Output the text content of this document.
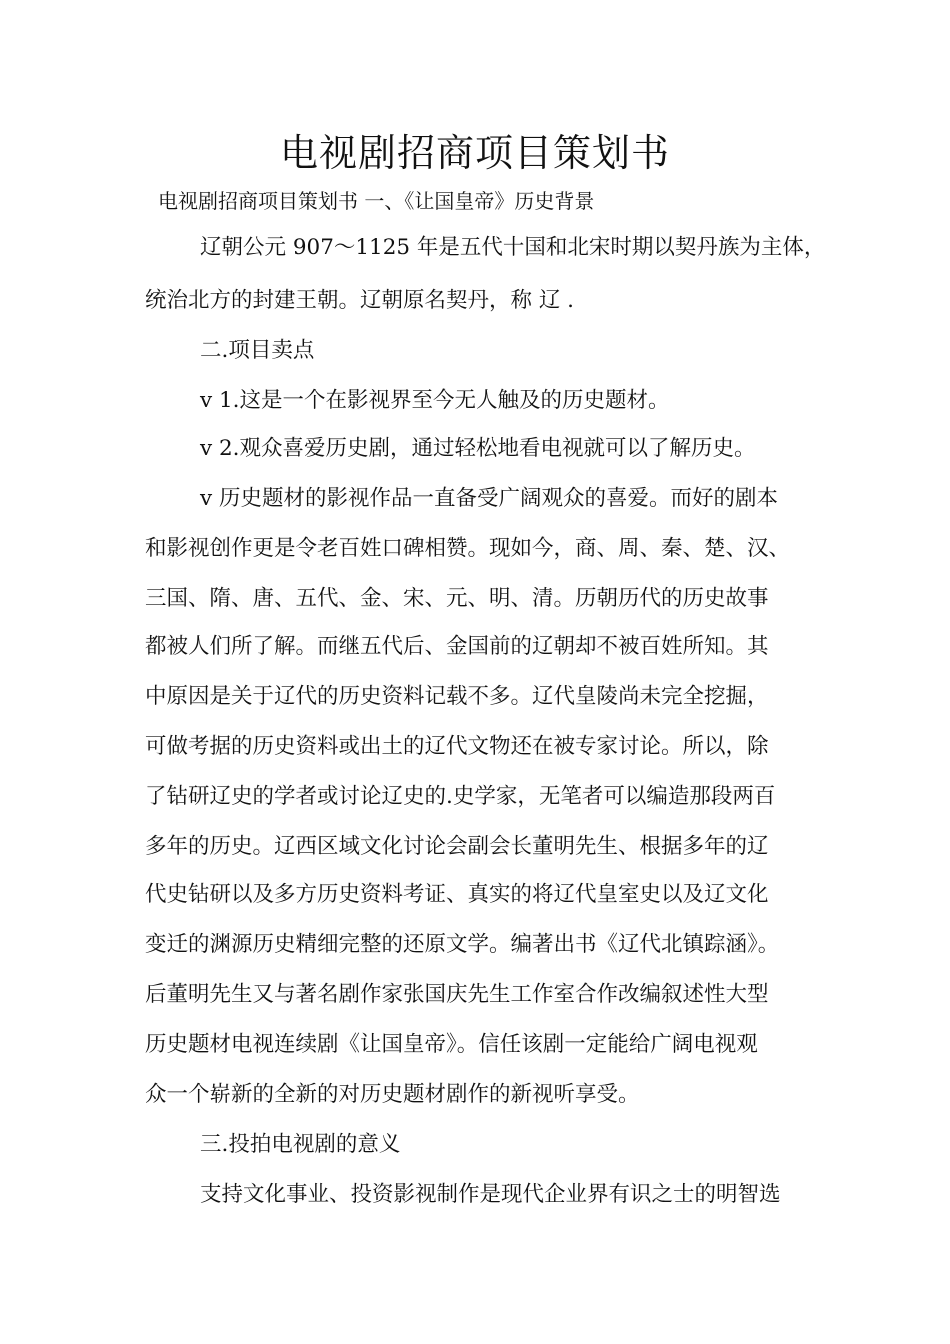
电视剧招商项目策划书
电视剧招商项目策划书 一、《让国皇帝》历史背景
辽朝公元 907～1125 年是五代十国和北宋时期以契丹族为主体，
统治北方的封建王朝。辽朝原名契丹，称 辽 .
二.项目卖点
v 1.这是一个在影视界至今无人触及的历史题材。
v 2.观众喜爱历史剧，通过轻松地看电视就可以了解历史。
v 历史题材的影视作品一直备受广阔观众的喜爱。而好的剧本
和影视创作更是令老百姓口碑相赞。现如今，商、周、秦、楚、汉、
三国、隋、唐、五代、金、宋、元、明、清。历朝历代的历史故事
都被人们所了解。而继五代后、金国前的辽朝却不被百姓所知。其
中原因是关于辽代的历史资料记载不多。辽代皇陵尚未完全挖掘，
可做考据的历史资料或出土的辽代文物还在被专家讨论。所以，除
了钻研辽史的学者或讨论辽史的.史学家，无笔者可以编造那段两百
多年的历史。辽西区域文化讨论会副会长董明先生、根据多年的辽
代史钻研以及多方历史资料考证、真实的将辽代皇室史以及辽文化
变迁的渊源历史精细完整的还原文学。编著出书《辽代北镇踪涵》。
后董明先生又与著名剧作家张国庆先生工作室合作改编叙述性大型
历史题材电视连续剧《让国皇帝》。信任该剧一定能给广阔电视观
众一个崭新的全新的对历史题材剧作的新视听享受。
三.投拍电视剧的意义
支持文化事业、投资影视制作是现代企业界有识之士的明智选
